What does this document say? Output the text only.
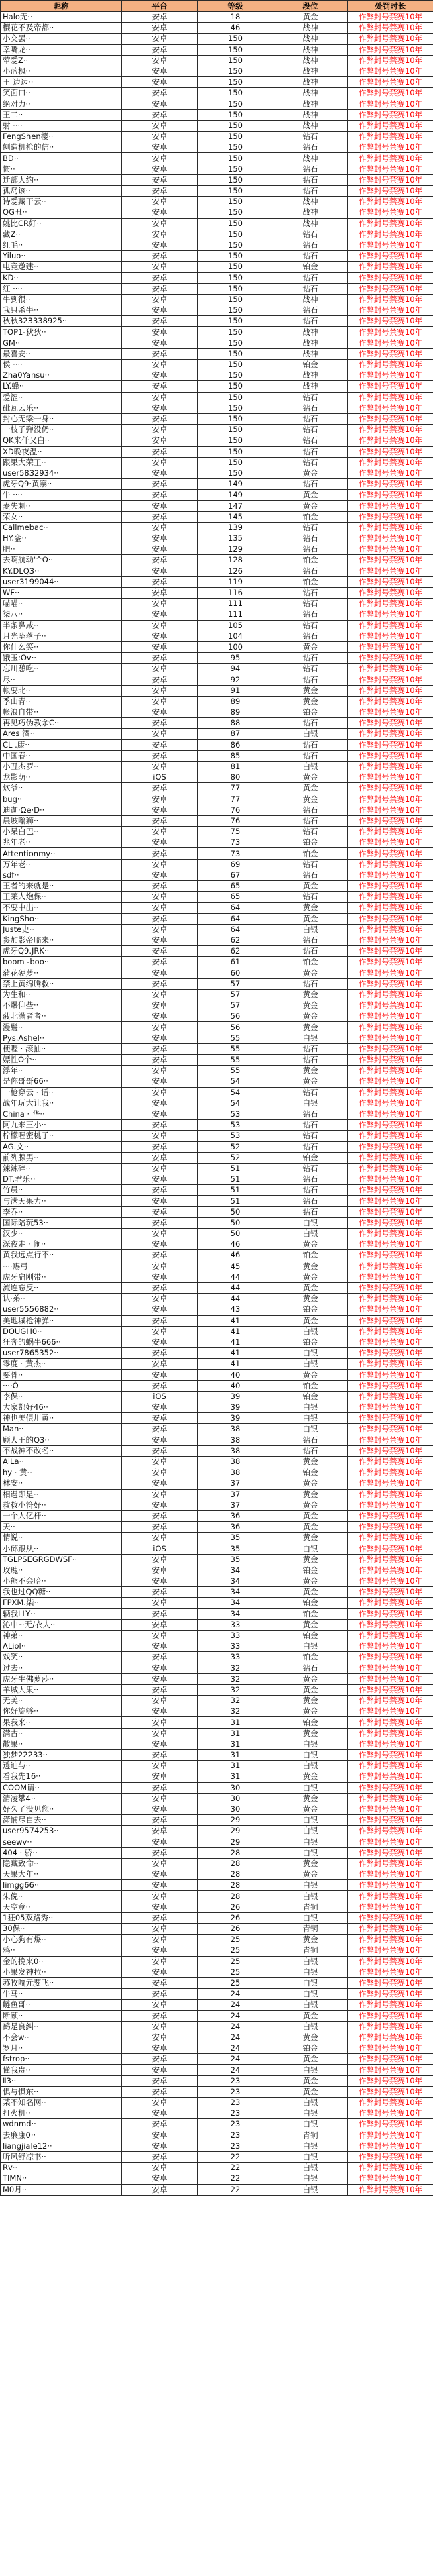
昵称	平台	等级	段位	处罚时长
Halo无··	安卓	18	黄金	作弊封号禁赛10年
樱花不及帝都··	安卓	46	战神	作弊封号禁赛10年
小交罢··	安卓	150	战神	作弊封号禁赛10年
幸嘴龙··	安卓	150	战神	作弊封号禁赛10年
荤爱Z··	安卓	150	战神	作弊封号禁赛10年
小蓝枫··	安卓	150	战神	作弊封号禁赛10年
王 边边··	安卓	150	战神	作弊封号禁赛10年
笑面口··	安卓	150	战神	作弊封号禁赛10年
绝对力··	安卓	150	战神	作弊封号禁赛10年
王二··	安卓	150	战神	作弊封号禁赛10年
射 ····	安卓	150	战神	作弊封号禁赛10年
FengShen樱··	安卓	150	钻石	作弊封号禁赛10年
刨造机枪的信··	安卓	150	钻石	作弊封号禁赛10年
BD··	安卓	150	战神	作弊封号禁赛10年
惯··	安卓	150	钻石	作弊封号禁赛10年
迁部大约··	安卓	150	钻石	作弊封号禁赛10年
孤岛该··	安卓	150	钻石	作弊封号禁赛10年
诗爱藏干云··	安卓	150	战神	作弊封号禁赛10年
QG丑··	安卓	150	战神	作弊封号禁赛10年
姚比CR好··	安卓	150	战神	作弊封号禁赛10年
藏Z··	安卓	150	钻石	作弊封号禁赛10年
红毛··	安卓	150	钻石	作弊封号禁赛10年
Yiluo··	安卓	150	钻石	作弊封号禁赛10年
电竞邀建··	安卓	150	铂金	作弊封号禁赛10年
KD··	安卓	150	钻石	作弊封号禁赛10年
红 ····	安卓	150	钻石	作弊封号禁赛10年
牛到很··	安卓	150	战神	作弊封号禁赛10年
我只杀牛··	安卓	150	钻石	作弊封号禁赛10年
秋秋323338925··	安卓	150	钻石	作弊封号禁赛10年
TOP1-狄狄··	安卓	150	战神	作弊封号禁赛10年
GM··	安卓	150	战神	作弊封号禁赛10年
最喜安··	安卓	150	战神	作弊封号禁赛10年
侯 ····	安卓	150	铂金	作弊封号禁赛10年
Zha0Yansu··	安卓	150	战神	作弊封号禁赛10年
LY.蜂··	安卓	150	战神	作弊封号禁赛10年
爱涩··	安卓	150	钻石	作弊封号禁赛10年
砒瓦云乐··	安卓	150	钻石	作弊封号禁赛10年
封心无梁一身··	安卓	150	钻石	作弊封号禁赛10年
一枝子弹没仍··	安卓	150	钻石	作弊封号禁赛10年
QK来仟又白··	安卓	150	钻石	作弊封号禁赛10年
XD晚夜温··	安卓	150	钻石	作弊封号禁赛10年
跟果大荣王··	安卓	150	钻石	作弊封号禁赛10年
user5832934··	安卓	150	黄金	作弊封号禁赛10年
虎牙Q9·黄寨··	安卓	149	钻石	作弊封号禁赛10年
牛 ····	安卓	149	黄金	作弊封号禁赛10年
麦失刺··	安卓	147	黄金	作弊封号禁赛10年
荣女··	安卓	145	铂金	作弊封号禁赛10年
Callmebac··	安卓	139	钻石	作弊封号禁赛10年
HY.銮··	安卓	135	钻石	作弊封号禁赛10年
肥··	安卓	129	钻石	作弊封号禁赛10年
去啊航动'^O··	安卓	128	铂金	作弊封号禁赛10年
KY.DLQ3··	安卓	126	钻石	作弊封号禁赛10年
user3199044··	安卓	119	铂金	作弊封号禁赛10年
WF··	安卓	116	钻石	作弊封号禁赛10年
喵喵··	安卓	111	钻石	作弊封号禁赛10年
柒八··	安卓	111	钻石	作弊封号禁赛10年
半条鼻咸··	安卓	105	钻石	作弊封号禁赛10年
月光坠落子··	安卓	104	钻石	作弊封号禁赛10年
你什么笑··	安卓	100	黄金	作弊封号禁赛10年
饿玉:Ov··	安卓	95	钻石	作弊封号禁赛10年
忘川憩吃··	安卓	94	钻石	作弊封号禁赛10年
尽··	安卓	92	钻石	作弊封号禁赛10年
帐要北··	安卓	91	黄金	作弊封号禁赛10年
季山青··	安卓	89	黄金	作弊封号禁赛10年
帐浪自带··	安卓	89	铂金	作弊封号禁赛10年
再见巧伪教余C··	安卓	88	钻石	作弊封号禁赛10年
Ares 酒··	安卓	87	白银	作弊封号禁赛10年
CL .康··	安卓	86	钻石	作弊封号禁赛10年
中国春··	安卓	85	钻石	作弊封号禁赛10年
小丑杰罗··	安卓	81	白银	作弊封号禁赛10年
龙影萌··	iOS	80	黄金	作弊封号禁赛10年
炊爷··	安卓	77	黄金	作弊封号禁赛10年
bug··	安卓	77	黄金	作弊封号禁赛10年
迪迦·Ωe·D··	安卓	76	钻石	作弊封号禁赛10年
晨坡嗡狮··	安卓	76	钻石	作弊封号禁赛10年
小呆白巴··	安卓	75	钻石	作弊封号禁赛10年
兆年老··	安卓	73	铂金	作弊封号禁赛10年
Attentionmy··	安卓	73	铂金	作弊封号禁赛10年
万年老··	安卓	69	钻石	作弊封号禁赛10年
sdf··	安卓	67	钻石	作弊封号禁赛10年
王者的来就是··	安卓	65	黄金	作弊封号禁赛10年
王莱人炮保··	安卓	65	钻石	作弊封号禁赛10年
不要中出··	安卓	64	黄金	作弊封号禁赛10年
KingSho··	安卓	64	黄金	作弊封号禁赛10年
Juste史··	安卓	64	白银	作弊封号禁赛10年
参加影帝临来··	安卓	62	钻石	作弊封号禁赛10年
虎牙Q9.JRK··	安卓	62	钻石	作弊封号禁赛10年
boom -boo··	安卓	61	铂金	作弊封号禁赛10年
蒲花硬萝··	安卓	60	黄金	作弊封号禁赛10年
禁上黄绵腾救··	安卓	57	钻石	作弊封号禁赛10年
为生和··	安卓	57	黄金	作弊封号禁赛10年
不爆仰些··	安卓	57	黄金	作弊封号禁赛10年
菠北满者者··	安卓	56	黄金	作弊封号禁赛10年
漫鬟··	安卓	56	黄金	作弊封号禁赛10年
Pys.Ashel··	安卓	55	白银	作弊封号禁赛10年
梗喔 · 滚抽··	安卓	55	钻石	作弊封号禁赛10年
嫖性Ò个··	安卓	55	钻石	作弊封号禁赛10年
浮年··	安卓	55	黄金	作弊封号禁赛10年
是你哥哥66··	安卓	54	黄金	作弊封号禁赛10年
一枪穿云 · 话··	安卓	54	钻石	作弊封号禁赛10年
战年玩大让我··	安卓	54	白银	作弊封号禁赛10年
China · 华··	安卓	53	钻石	作弊封号禁赛10年
阿九来三小··	安卓	53	钻石	作弊封号禁赛10年
柠檬喔蜜桃子··	安卓	53	钻石	作弊封号禁赛10年
AG.文··	安卓	52	钻石	作弊封号禁赛10年
前列腺男··	安卓	52	铂金	作弊封号禁赛10年
辣辣碎··	安卓	51	钻石	作弊封号禁赛10年
DT.君乐··	安卓	51	钻石	作弊封号禁赛10年
竹晨··	安卓	51	钻石	作弊封号禁赛10年
与满天果力··	安卓	51	钻石	作弊封号禁赛10年
李乔··	安卓	50	钻石	作弊封号禁赛10年
国际陪玩53··	安卓	50	白银	作弊封号禁赛10年
汉少··	安卓	50	白银	作弊封号禁赛10年
深夜走 · 闹··	安卓	46	黄金	作弊封号禁赛10年
黄我远点行不··	安卓	46	铂金	作弊封号禁赛10年
····赐弓	安卓	45	黄金	作弊封号禁赛10年
虎牙扁刚带··	安卓	44	黄金	作弊封号禁赛10年
流连忘反··	安卓	44	黄金	作弊封号禁赛10年
认·弟··	安卓	44	黄金	作弊封号禁赛10年
user5556882··	安卓	43	铂金	作弊封号禁赛10年
美地城枪神弹··	安卓	41	黄金	作弊封号禁赛10年
DOUGH0··	安卓	41	白银	作弊封号禁赛10年
狂奔的蜗牛666··	安卓	41	铂金	作弊封号禁赛10年
user7865352··	安卓	41	白银	作弊封号禁赛10年
零度 · 黄杰··	安卓	41	白银	作弊封号禁赛10年
要骨··	安卓	40	黄金	作弊封号禁赛10年
····Ò	安卓	40	铂金	作弊封号禁赛10年
李保··	iOS	39	铂金	作弊封号禁赛10年
大家都好46··	安卓	39	白银	作弊封号禁赛10年
神也美俱川黄··	安卓	39	白银	作弊封号禁赛10年
Man··	安卓	38	白银	作弊封号禁赛10年
顾人王的Q3··	安卓	38	钻石	作弊封号禁赛10年
不战神不改名··	安卓	38	钻石	作弊封号禁赛10年
AiLa··	安卓	38	黄金	作弊封号禁赛10年
hy · 黄··	安卓	38	铂金	作弊封号禁赛10年
林安··	安卓	37	黄金	作弊封号禁赛10年
相遇即是··	安卓	37	黄金	作弊封号禁赛10年
救救小符好··	安卓	37	黄金	作弊封号禁赛10年
一个人亿杆··	安卓	36	黄金	作弊封号禁赛10年
天··	安卓	36	黄金	作弊封号禁赛10年
情说··	安卓	35	黄金	作弊封号禁赛10年
小邱跟从··	iOS	35	白银	作弊封号禁赛10年
TGLPSEGRGDWSF··	安卓	35	黄金	作弊封号禁赛10年
玫瑰··	安卓	34	铂金	作弊封号禁赛10年
小熊不会哈··	安卓	34	黄金	作弊封号禁赛10年
我也过QQ糖··	安卓	34	黄金	作弊封号禁赛10年
FPXM.柒··	安卓	34	铂金	作弊封号禁赛10年
辆我LLY··	安卓	34	铂金	作弊封号禁赛10年
沁中~无/衣人··	安卓	33	黄金	作弊封号禁赛10年
神弟··	安卓	33	铂金	作弊封号禁赛10年
ALiol··	安卓	33	白银	作弊封号禁赛10年
戏笑··	安卓	33	铂金	作弊封号禁赛10年
过去··	安卓	32	钻石	作弊封号禁赛10年
虎牙生佛萝莎··	安卓	32	黄金	作弊封号禁赛10年
羊城大果··	安卓	32	黄金	作弊封号禁赛10年
无美··	安卓	32	黄金	作弊封号禁赛10年
你好旋够··	安卓	32	黄金	作弊封号禁赛10年
果我来··	安卓	31	铂金	作弊封号禁赛10年
满古··	安卓	31	黄金	作弊封号禁赛10年
散果··	安卓	31	白银	作弊封号禁赛10年
独梦22233··	安卓	31	白银	作弊封号禁赛10年
透迪与··	安卓	31	白银	作弊封号禁赛10年
看我先16··	安卓	31	黄金	作弊封号禁赛10年
COOM请··	安卓	30	白银	作弊封号禁赛10年
清凌攀4··	安卓	30	黄金	作弊封号禁赛10年
好久了没见您··	安卓	30	黄金	作弊封号禁赛10年
潇铺尽自去··	安卓	29	白银	作弊封号禁赛10年
user9574253··	安卓	29	白银	作弊封号禁赛10年
seewv··	安卓	29	白银	作弊封号禁赛10年
404 · 骄··	安卓	28	白银	作弊封号禁赛10年
隐藏致命··	安卓	28	黄金	作弊封号禁赛10年
天果大年··	安卓	28	黄金	作弊封号禁赛10年
limgg66··	安卓	28	白银	作弊封号禁赛10年
朱倪··	安卓	28	白银	作弊封号禁赛10年
天空竟··	安卓	26	青铜	作弊封号禁赛10年
1狂05双路秀··	安卓	26	白银	作弊封号禁赛10年
30保··	安卓	26	青铜	作弊封号禁赛10年
小心狗有爆··	安卓	25	黄金	作弊封号禁赛10年
鸦··	安卓	25	青铜	作弊封号禁赛10年
金的挽来0··	安卓	25	白银	作弊封号禁赛10年
小果发神拉··	安卓	25	白银	作弊封号禁赛10年
苏牧嘀元要飞··	安卓	25	白银	作弊封号禁赛10年
牛马··	安卓	24	白银	作弊封号禁赛10年
鲢鱼哥··	安卓	24	白银	作弊封号禁赛10年
断顾··	安卓	24	黄金	作弊封号禁赛10年
鹤是良糾··	安卓	24	白银	作弊封号禁赛10年
不会w··	安卓	24	黄金	作弊封号禁赛10年
罗月··	安卓	24	铂金	作弊封号禁赛10年
fstrop··	安卓	24	黄金	作弊封号禁赛10年
懂我贵··	安卓	24	白银	作弊封号禁赛10年
Ⅱ3··	安卓	23	黄金	作弊封号禁赛10年
惧与惧东··	安卓	23	黄金	作弊封号禁赛10年
某不知名网··	安卓	23	白银	作弊封号禁赛10年
打火机··	安卓	23	白银	作弊封号禁赛10年
wdnmd··	安卓	23	白银	作弊封号禁赛10年
去廉康0··	安卓	23	青铜	作弊封号禁赛10年
liangjiale12··	安卓	23	白银	作弊封号禁赛10年
听风舒凉书··	安卓	22	白银	作弊封号禁赛10年
Rv··	安卓	22	白银	作弊封号禁赛10年
TIMN··	安卓	22	白银	作弊封号禁赛10年
M0月··	安卓	22	白银	作弊封号禁赛10年
